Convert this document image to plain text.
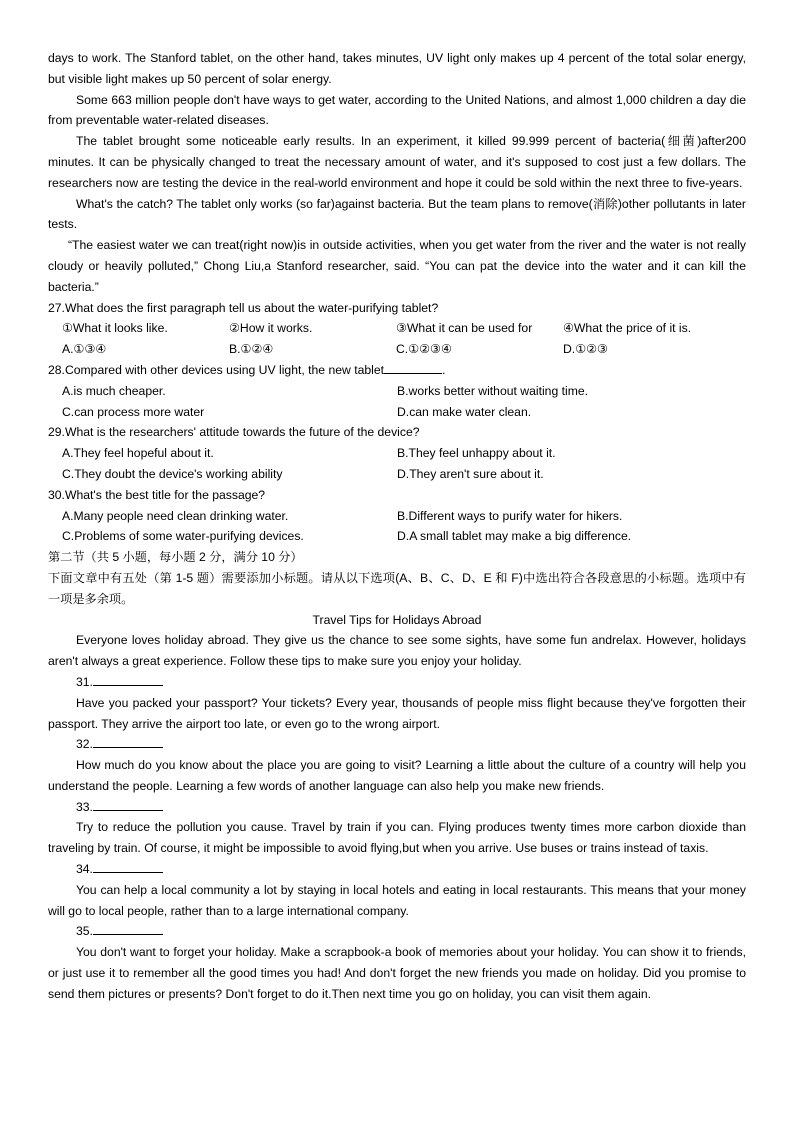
days to work. The Stanford tablet, on the other hand, takes minutes, UV light only makes up 4 percent of the total solar energy, but visible light makes up 50 percent of solar energy.

Some 663 million people don't have ways to get water, according to the United Nations, and almost 1,000 children a day die from preventable water-related diseases.

The tablet brought some noticeable early results. In an experiment, it killed 99.999 percent of bacteria(细菌)after200 minutes. It can be physically changed to treat the necessary amount of water, and it's supposed to cost just a few dollars. The researchers now are testing the device in the real-world environment and hope it could be sold within the next three to five-years.

What's the catch? The tablet only works (so far)against bacteria. But the team plans to remove(消除)other pollutants in later tests.

“The easiest water we can treat(right now)is in outside activities, when you get water from the river and the water is not really cloudy or heavily polluted,” Chong Liu,a Stanford researcher, said. “You can pat the device into the water and it can kill the bacteria.”

27.What does the first paragraph tell us about the water-purifying tablet?

①What it looks like.	②How it works.	③What it can be used for	④What the price of it is.
A.①③④	B.①②④	C.①②③④	D.①②③

28.Compared with other devices using UV light, the new tablet	.

A.is much cheaper.	B.works better without waiting time.
C.can process more water	D.can make water clean.

29.What is the researchers' attitude towards the future of the device?

A.They feel hopeful about it.	B.They feel unhappy about it.
C.They doubt the device's working ability	D.They aren't sure about it.

30.What's the best title for the passage?

A.Many people need clean drinking water.	B.Different ways to purify water for hikers.
C.Problems of some water-purifying devices.	D.A small tablet may make a big difference.

第二节（共 5 小题，每小题 2 分，满分 10 分）

下面文章中有五处（第 1-5 题）需要添加小标题。请从以下选项(A、B、C、D、E 和 F)中选出符合各段意思的小标题。选项中有一项是多余项。

Travel Tips for Holidays Abroad

Everyone loves holiday abroad. They give us the chance to see some sights, have some fun andrelax. However, holidays aren't always a great experience. Follow these tips to make sure you enjoy your holiday.

31.

Have you packed your passport? Your tickets? Every year, thousands of people miss flight because they've forgotten their passport. They arrive the airport too late, or even go to the wrong airport.

32.

How much do you know about the place you are going to visit? Learning a little about the culture of a country will help you understand the people. Learning a few words of another language can also help you make new friends.

33.

Try to reduce the pollution you cause. Travel by train if you can. Flying produces twenty times more carbon dioxide than traveling by train. Of course, it might be impossible to avoid flying,but when you arrive. Use buses or trains instead of taxis.

34.

You can help a local community a lot by staying in local hotels and eating in local restaurants. This means that your money will go to local people, rather than to a large international company.

35.

You don't want to forget your holiday. Make a scrapbook-a book of memories about your holiday. You can show it to friends, or just use it to remember all the good times you had! And don't forget the new friends you made on holiday. Did you promise to send them pictures or presents? Don't forget to do it.Then next time you go on holiday, you can visit them again.
